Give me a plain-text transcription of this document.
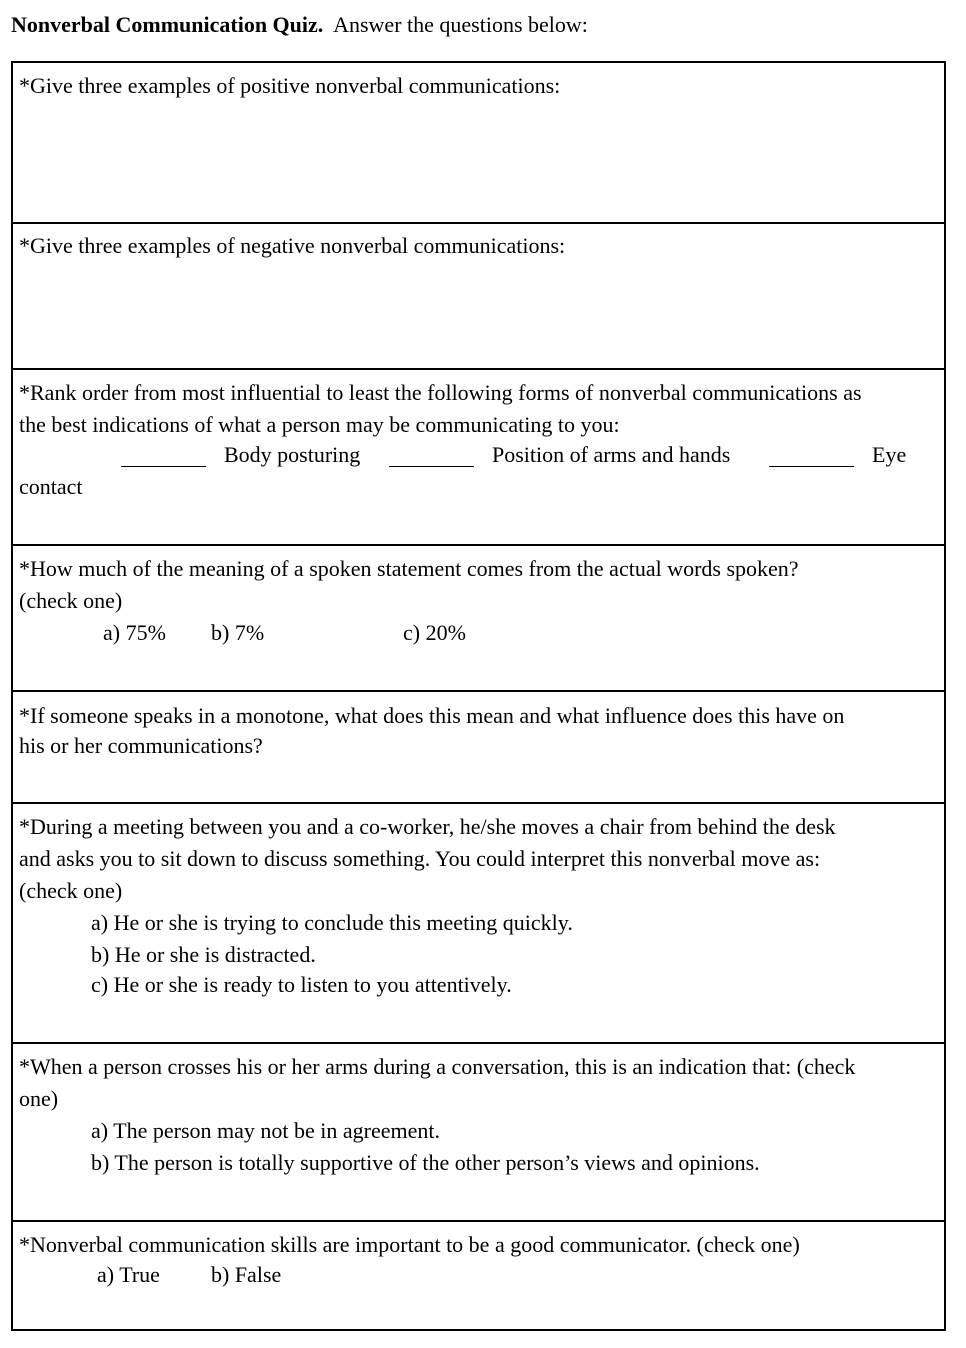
Nonverbal Communication Quiz. Answer the questions below:
*Give three examples of positive nonverbal communications:
*Give three examples of negative nonverbal communications:
*Rank order from most influential to least the following forms of nonverbal communications as
the best indications of what a person may be communicating to you:
Body posturing	Position of arms and hands	Eye
contact
*How much of the meaning of a spoken statement comes from the actual words spoken?
(check one)
a) 75% b) 7%	c) 20%
*If someone speaks in a monotone, what does this mean and what influence does this have on
his or her communications?
*During a meeting between you and a co-worker, he/she moves a chair from behind the desk
and asks you to sit down to discuss something. You could interpret this nonverbal move as:
(check one)
a) He or she is trying to conclude this meeting quickly.
b) He or she is distracted.
c) He or she is ready to listen to you attentively.
*When a person crosses his or her arms during a conversation, this is an indication that: (check
one)
a) The person may not be in agreement.
b) The person is totally supportive of the other person’s views and opinions.
*Nonverbal communication skills are important to be a good communicator. (check one)
a) True b) False
